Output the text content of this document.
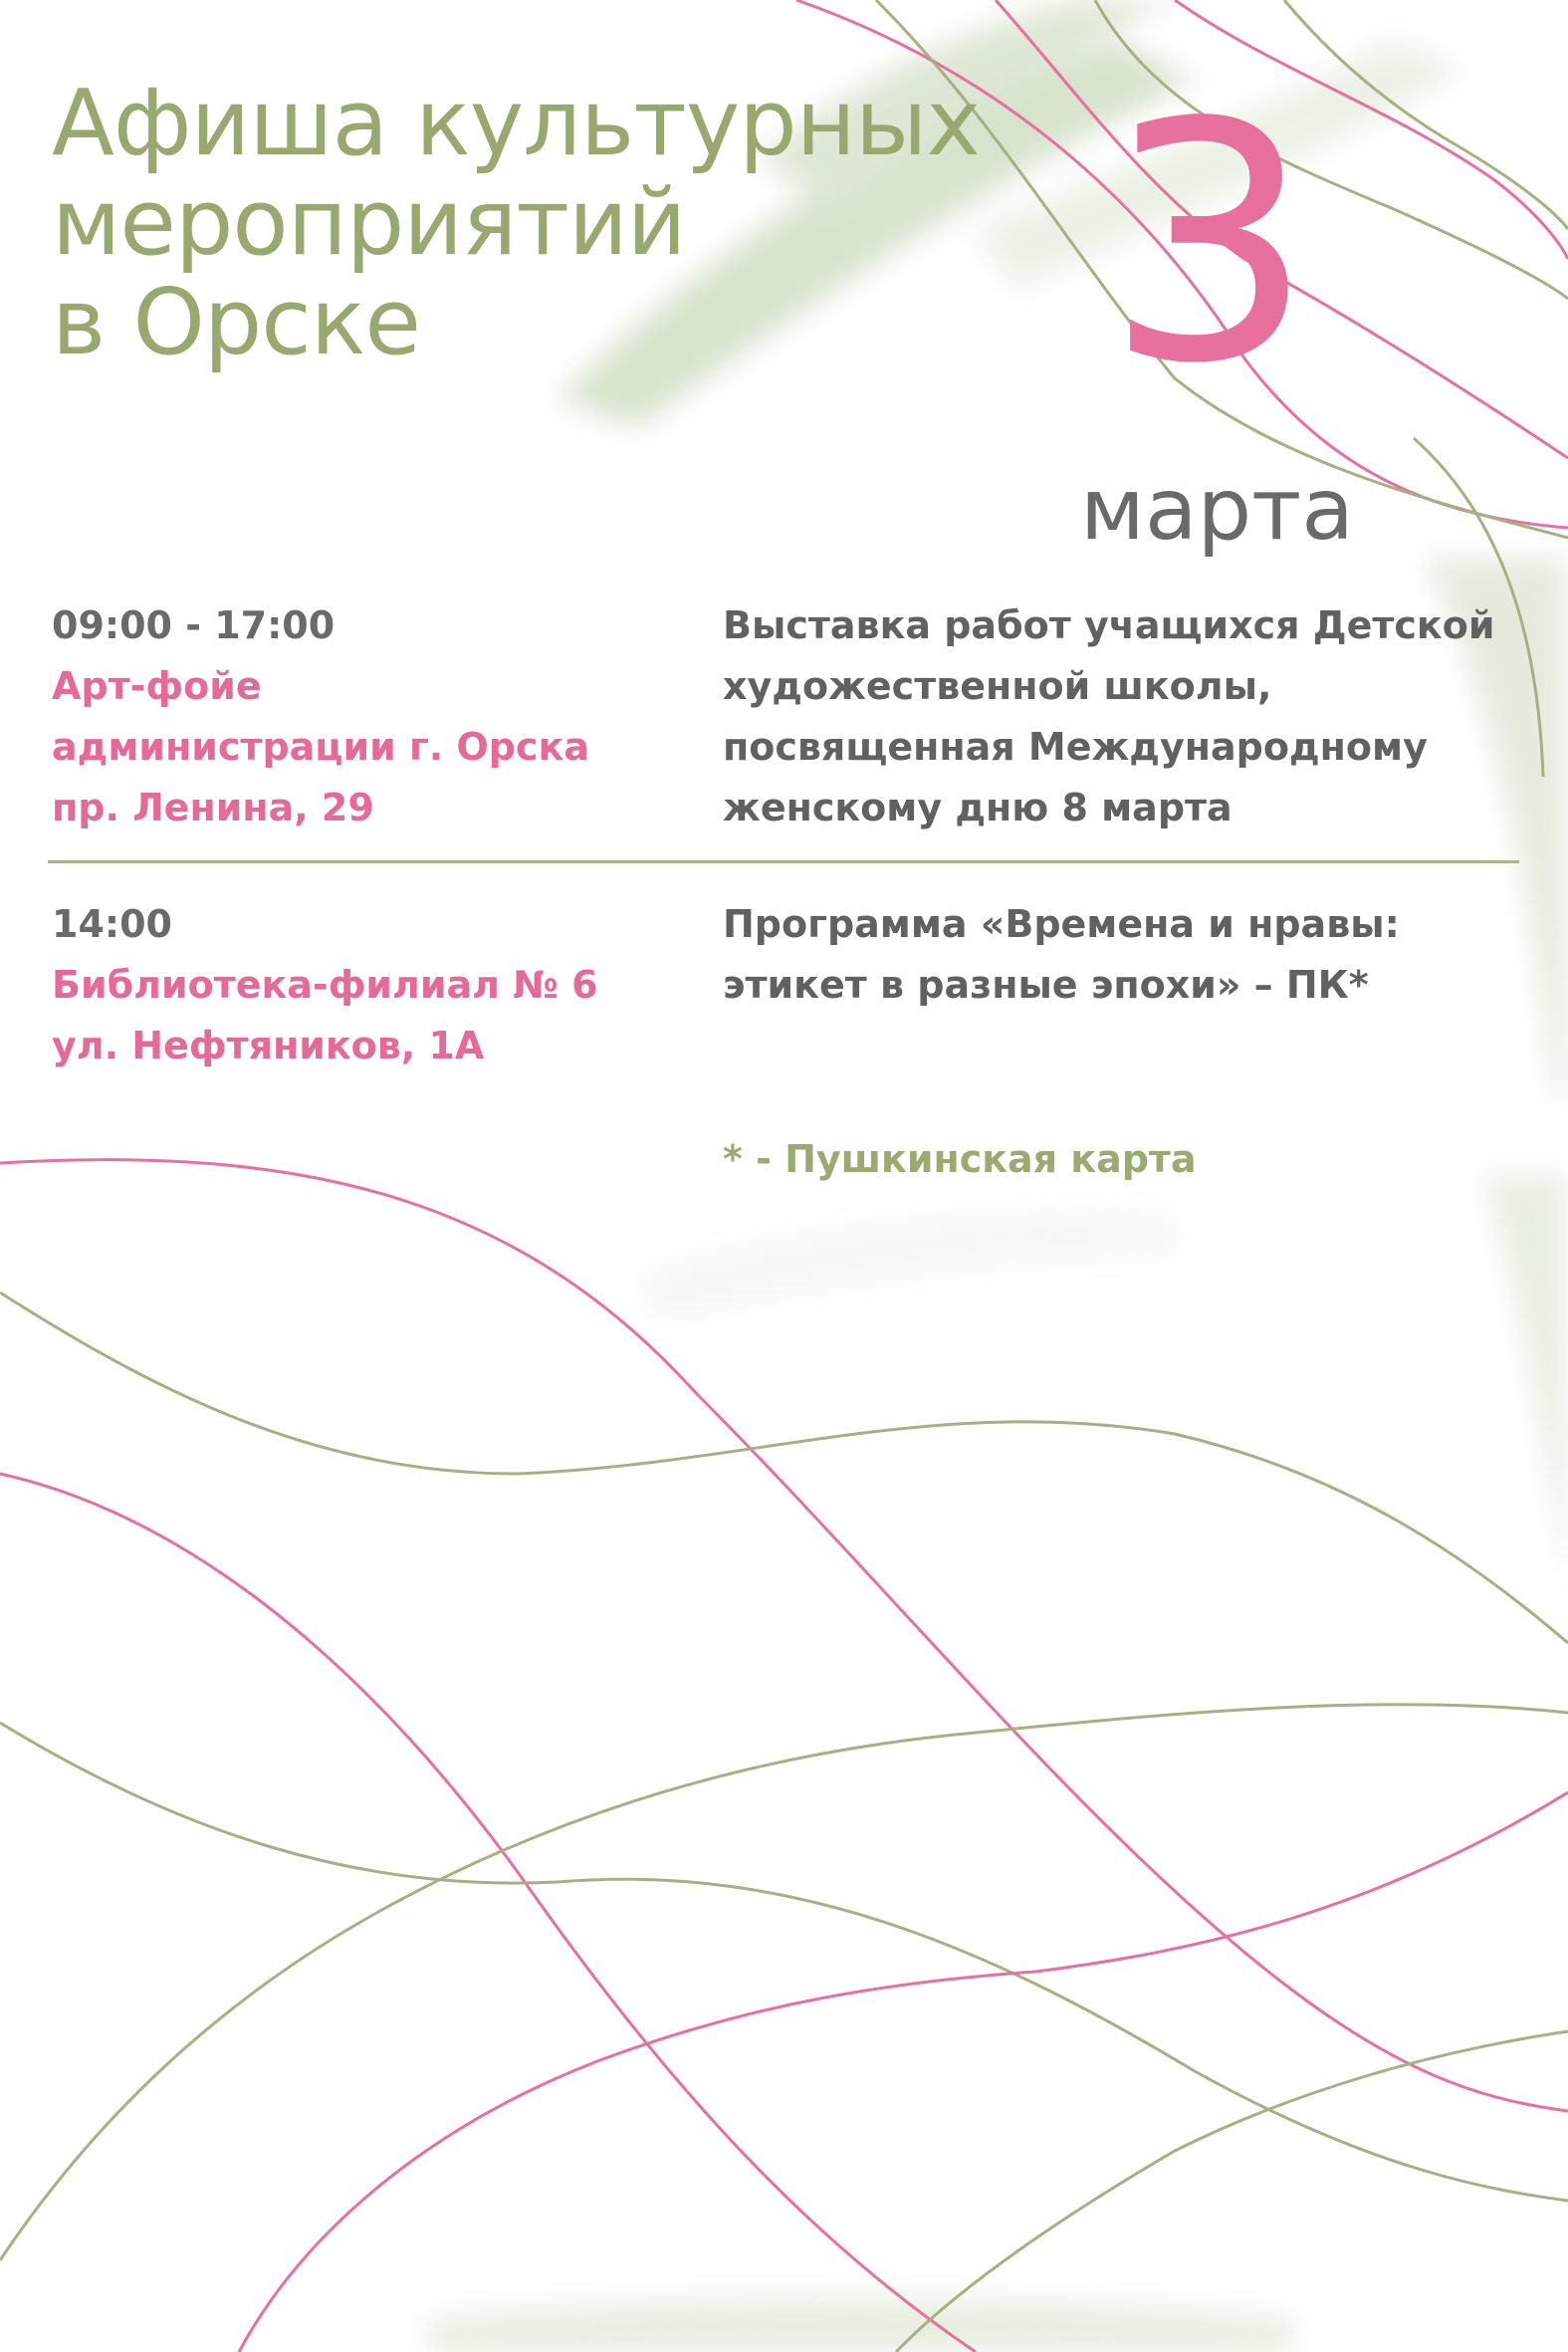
Афиша культурных
мероприятий
в Орске	3
марта
09:00 - 17:00
Арт-фойе
администрации г. Орска
пр. Ленина, 29
Выставка работ учащихся Детской
художественной школы,
посвященная Международному
женскому дню 8 марта
14:00
Библиотека-филиал № 6
ул. Нефтяников, 1А
Программа «Времена и нравы:
этикет в разные эпохи» – ПК*
* - Пушкинская карта
